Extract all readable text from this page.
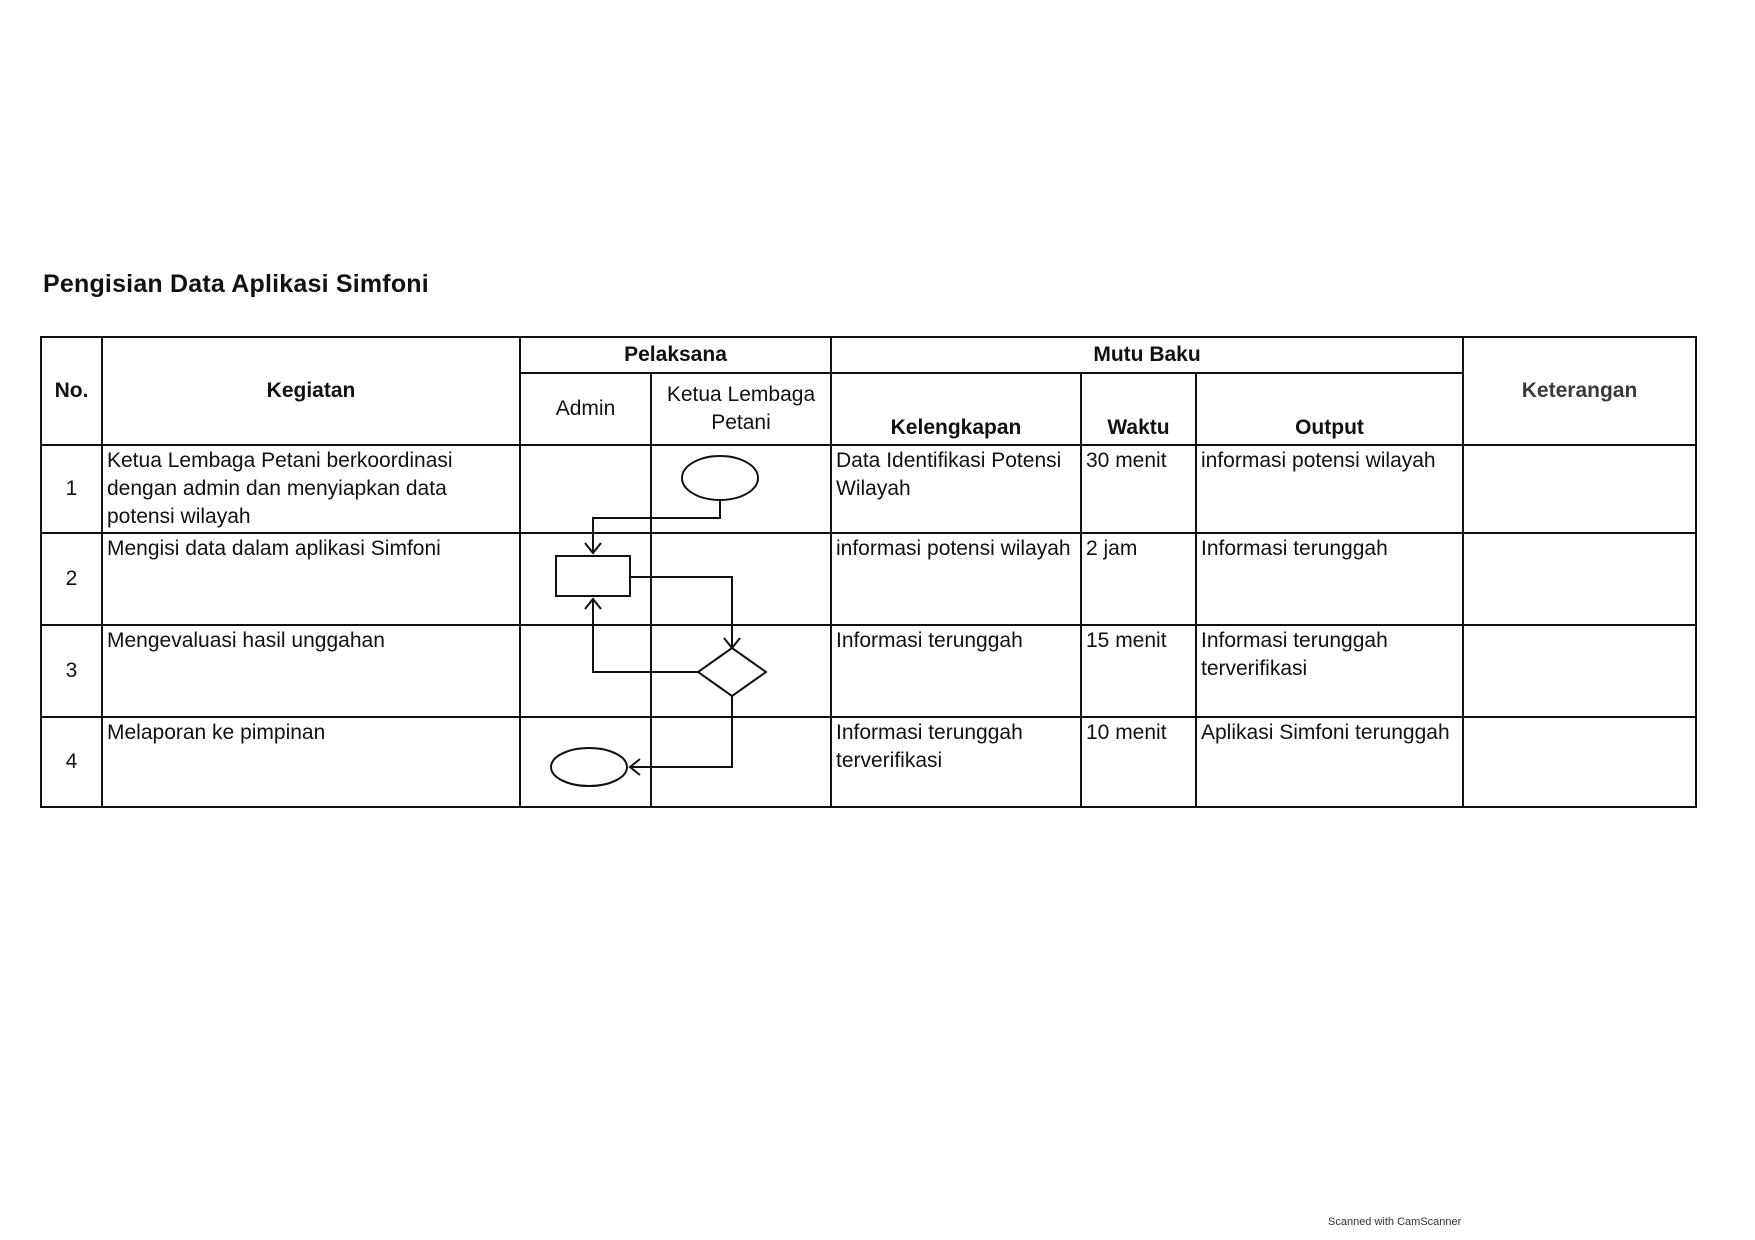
Pengisian Data Aplikasi Simfoni
No.	Kegiatan	Pelaksana		Mutu Baku			Keterangan
		Admin	Ketua Lembaga Petani	Kelengkapan	Waktu	Output	
1	Ketua Lembaga Petani berkoordinasi dengan admin dan menyiapkan data potensi wilayah			Data Identifikasi Potensi Wilayah	30 menit	informasi potensi wilayah	
2	Mengisi data dalam aplikasi Simfoni			informasi potensi wilayah	2 jam	Informasi terunggah	
3	Mengevaluasi hasil unggahan			Informasi terunggah	15 menit	Informasi terunggah terverifikasi	
4	Melaporan ke pimpinan			Informasi terunggah terverifikasi	10 menit	Aplikasi Simfoni terunggah	
Scanned with CamScanner
